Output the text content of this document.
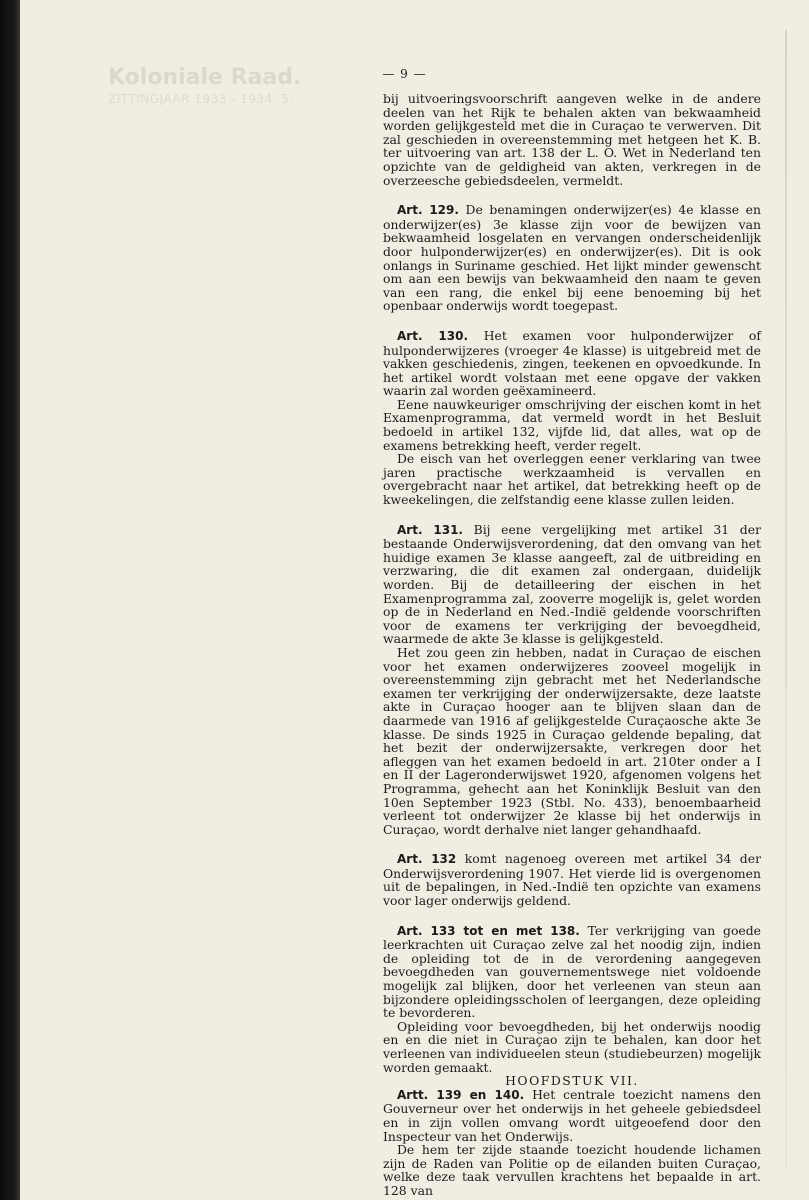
Koloniale Raad.
ZITTINGJAAR 1933 - 1934. 5.
— 9 —

bij uitvoeringsvoorschrift aangeven welke in de andere deelen van het Rijk te behalen akten van bekwaamheid worden gelijkgesteld met die in Curaçao te verwerven. Dit zal geschieden in overeenstemming met hetgeen het K. B. ter uitvoering van art. 138 der L. O. Wet in Nederland ten opzichte van de geldigheid van akten, verkregen in de overzeesche gebiedsdeelen, vermeldt.

Art. 129. De benamingen onderwijzer(es) 4e klasse en onderwijzer(es) 3e klasse zijn voor de bewijzen van bekwaamheid losgelaten en vervangen onderscheidenlijk door hulponderwijzer(es) en onderwijzer(es). Dit is ook onlangs in Suriname geschied. Het lijkt minder gewenscht om aan een bewijs van bekwaamheid den naam te geven van een rang, die enkel bij eene benoeming bij het openbaar onderwijs wordt toegepast.

Art. 130. Het examen voor hulponderwijzer of hulponderwijzeres (vroeger 4e klasse) is uitgebreid met de vakken geschiedenis, zingen, teekenen en opvoedkunde. In het artikel wordt volstaan met eene opgave der vakken waarin zal worden geëxamineerd.

Eene nauwkeuriger omschrijving der eischen komt in het Examenprogramma, dat vermeld wordt in het Besluit bedoeld in artikel 132, vijfde lid, dat alles, wat op de examens betrekking heeft, verder regelt.

De eisch van het overleggen eener verklaring van twee jaren practische werkzaamheid is vervallen en overgebracht naar het artikel, dat betrekking heeft op de kweekelingen, die zelfstandig eene klasse zullen leiden.

Art. 131. Bij eene vergelijking met artikel 31 der bestaande Onderwijsverordening, dat den omvang van het huidige examen 3e klasse aangeeft, zal de uitbreiding en verzwaring, die dit examen zal ondergaan, duidelijk worden. Bij de detailleering der eischen in het Examenprogramma zal, zooverre mogelijk is, gelet worden op de in Nederland en Ned.-Indië geldende voorschriften voor de examens ter verkrijging der bevoegdheid, waarmede de akte 3e klasse is gelijkgesteld.

Het zou geen zin hebben, nadat in Curaçao de eischen voor het examen onderwijzeres zooveel mogelijk in overeenstemming zijn gebracht met het Nederlandsche examen ter verkrijging der onderwijzersakte, deze laatste akte in Curaçao hooger aan te blijven slaan dan de daarmede van 1916 af gelijkgestelde Curaçaosche akte 3e klasse. De sinds 1925 in Curaçao geldende bepaling, dat het bezit der onderwijzersakte, verkregen door het afleggen van het examen bedoeld in art. 210ter onder a I en II der Lageronderwijswet 1920, afgenomen volgens het Programma, gehecht aan het Koninklijk Besluit van den 10en September 1923 (Stbl. No. 433), benoembaarheid verleent tot onderwijzer 2e klasse bij het onderwijs in Curaçao, wordt derhalve niet langer gehandhaafd.

Art. 132 komt nagenoeg overeen met artikel 34 der Onderwijsverordening 1907. Het vierde lid is overgenomen uit de bepalingen, in Ned.-Indië ten opzichte van examens voor lager onderwijs geldend.

Art. 133 tot en met 138. Ter verkrijging van goede leerkrachten uit Curaçao zelve zal het noodig zijn, indien de opleiding tot de in de verordening aangegeven bevoegdheden van gouvernementswege niet voldoende mogelijk zal blijken, door het verleenen van steun aan bijzondere opleidingsscholen of leergangen, deze opleiding te bevorderen.

Opleiding voor bevoegdheden, bij het onderwijs noodig en en die niet in Curaçao zijn te behalen, kan door het verleenen van individueelen steun (studiebeurzen) mogelijk worden gemaakt.

HOOFDSTUK VII.

Artt. 139 en 140. Het centrale toezicht namens den Gouverneur over het onderwijs in het geheele gebiedsdeel en in zijn vollen omvang wordt uitgeoefend door den Inspecteur van het Onderwijs.

De hem ter zijde staande toezicht houdende lichamen zijn de Raden van Politie op de eilanden buiten Curaçao, welke deze taak vervullen krachtens het bepaalde in art. 128 van
